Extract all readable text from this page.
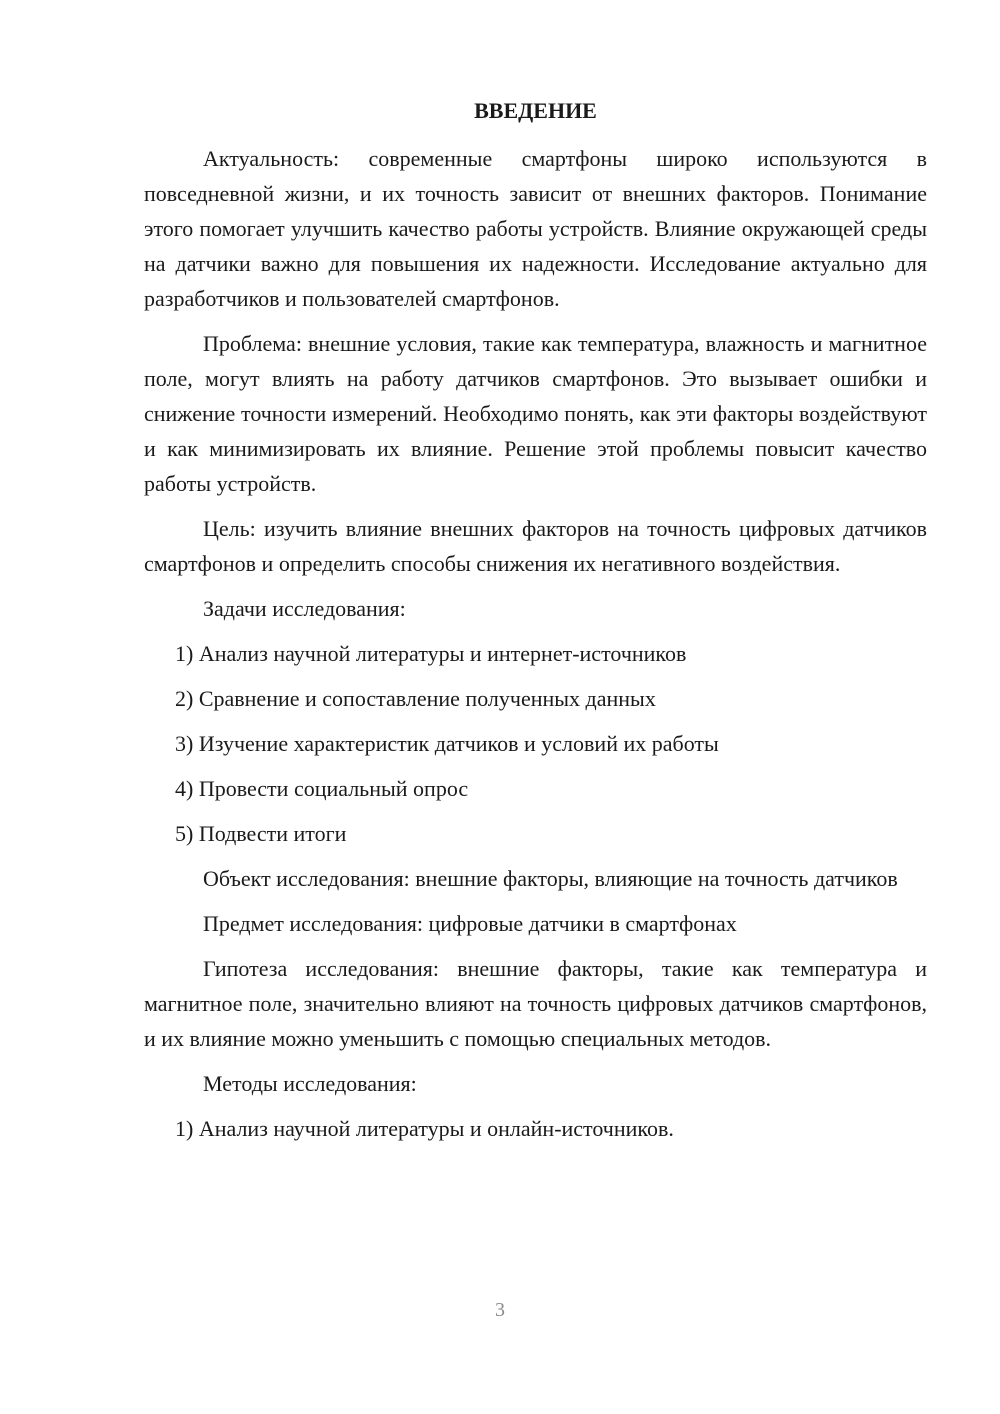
ВВЕДЕНИЕ

Актуальность: современные смартфоны широко используются в повседневной жизни, и их точность зависит от внешних факторов. Понимание этого помогает улучшить качество работы устройств. Влияние окружающей среды на датчики важно для повышения их надежности. Исследование актуально для разработчиков и пользователей смартфонов.

Проблема: внешние условия, такие как температура, влажность и магнитное поле, могут влиять на работу датчиков смартфонов. Это вызывает ошибки и снижение точности измерений. Необходимо понять, как эти факторы воздействуют и как минимизировать их влияние. Решение этой проблемы повысит качество работы устройств.

Цель: изучить влияние внешних факторов на точность цифровых датчиков смартфонов и определить способы снижения их негативного воздействия.

Задачи исследования:

1) Анализ научной литературы и интернет-источников

2) Сравнение и сопоставление полученных данных

3) Изучение характеристик датчиков и условий их работы

4) Провести социальный опрос

5) Подвести итоги

Объект исследования: внешние факторы, влияющие на точность датчиков

Предмет исследования: цифровые датчики в смартфонах

Гипотеза исследования: внешние факторы, такие как температура и магнитное поле, значительно влияют на точность цифровых датчиков смартфонов, и их влияние можно уменьшить с помощью специальных методов.

Методы исследования:

1) Анализ научной литературы и онлайн-источников.

3
